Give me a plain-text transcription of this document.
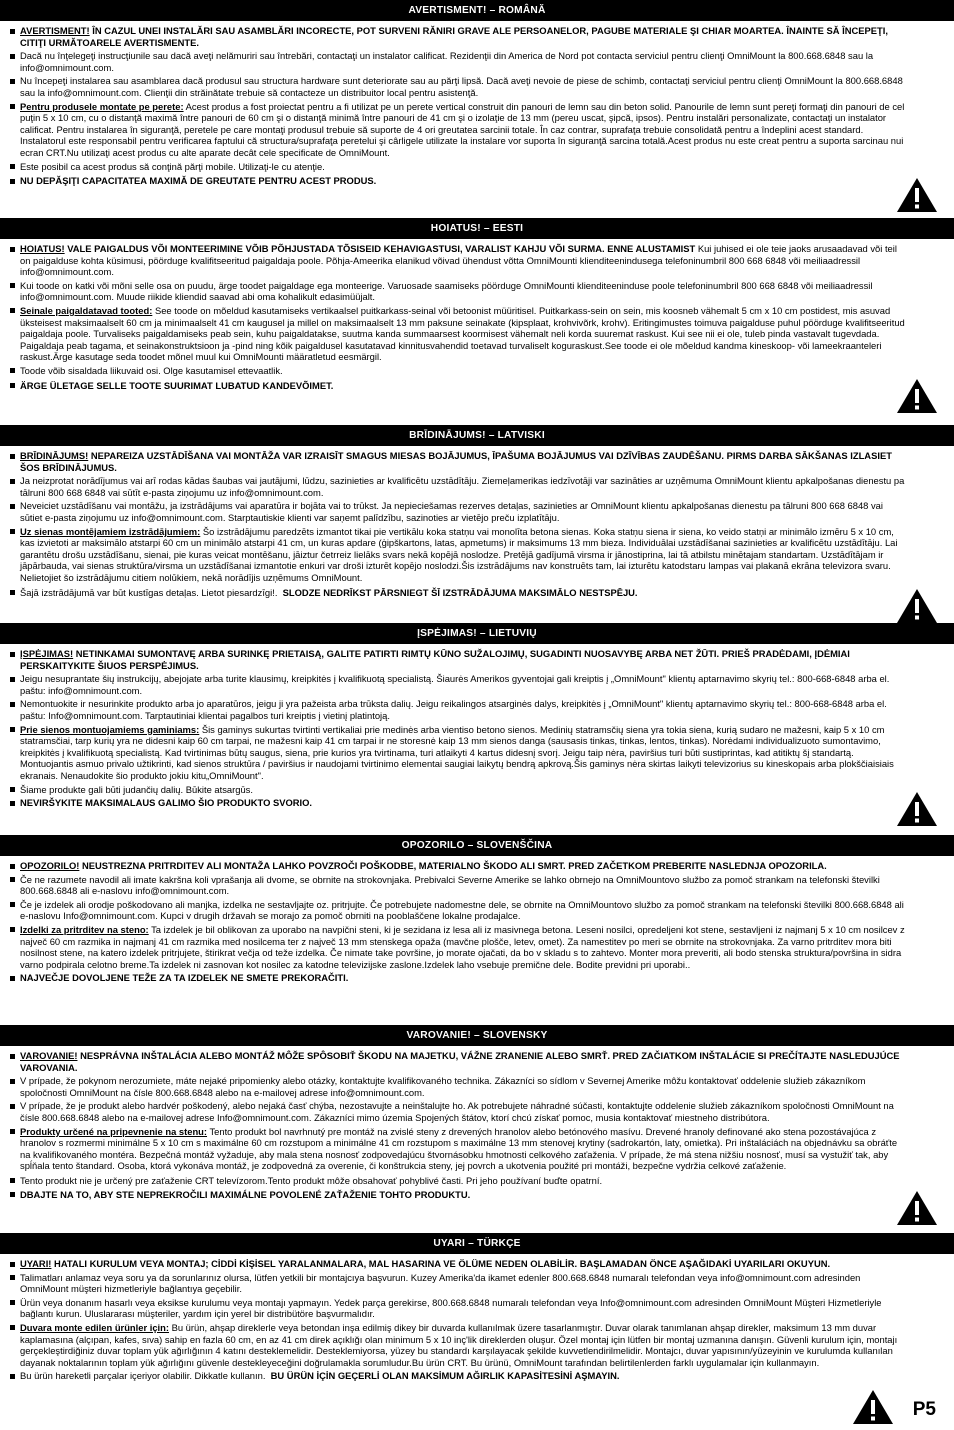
AVERTISMENT! – ROMÂNĂ
AVERTISMENT! ÎN CAZUL UNEI INSTALĂRI SAU ASAMBLĂRI INCORECTE, POT SURVENI RĂNIRI GRAVE ALE PERSOANELOR, PAGUBE MATERIALE ŞI CHIAR MOARTEA. ÎNAINTE SĂ ÎNCEPEŢI, CITIŢI URMĂTOARELE AVERTISMENTE.
Dacă nu înţelegeţi instrucţiunile sau dacă aveţi nelămuriri sau întrebări, contactaţi un instalator calificat. Rezidenţii din America de Nord pot contacta serviciul pentru clienţi OmniMount la 800.668.6848 sau la info@omnimount.com.
Nu începeţi instalarea sau asamblarea dacă produsul sau structura hardware sunt deteriorate sau au părţi lipsă. Dacă aveţi nevoie de piese de schimb, contactaţi serviciul pentru clienţi OmniMount la 800.668.6848 sau la info@omnimount.com. Clienţii din străinătate trebuie să contacteze un distribuitor local pentru asistenţă.
Pentru produsele montate pe perete: Acest produs a fost proiectat pentru a fi utilizat pe un perete vertical construit din panouri de lemn sau din beton solid. Panourile de lemn sunt pereţi formaţi din panouri de cel puţin 5 x 10 cm, cu o distanţă maximă între panouri de 60 cm şi o distanţă minimă între panouri de 41 cm şi o izolaţie de 13 mm (pereu uscat, şipcă, ipsos). Pentru instalări personalizate, contactaţi un instalator calificat. Pentru instalarea în siguranţă, peretele pe care montaţi produsul trebuie să suporte de 4 ori greutatea sarcinii totale. În caz contrar, suprafaţa trebuie consolidată pentru a îndeplini acest standard. Instalatorul este responsabil pentru verificarea faptului că structura/suprafaţa peretelui şi cârligele utilizate la instalare vor suporta în siguranţă sarcina totală.Acest produs nu este creat pentru a suporta sarcinau nui ecran CRT.Nu utilizaţi acest produs cu alte aparate decât cele specificate de OmniMount.
Este posibil ca acest produs să conţină părţi mobile. Utilizaţi-le cu atenţie.
NU DEPĂŞIŢI CAPACITATEA MAXIMĂ DE GREUTATE PENTRU ACEST PRODUS.
HOIATUS! – EESTI
HOIATUS! VALE PAIGALDUS VÕI MONTEERIMINE VÕIB PÕHJUSTADA TÕSISEID KEHAVIGASTUSI, VARALIST KAHJU VÕI SURMA. ENNE ALUSTAMIST Kui juhised ei ole teie jaoks arusaadavad või teil on paigalduse kohta küsimusi, pöörduge kvalifitseeritud paigaldaja poole. Põhja-Ameerika elanikud võivad ühendust võtta OmniMounti klienditeenindusega telefoninumbril 800 668 6848 või meiliaadressil info@omnimount.com.
Kui toode on katki või mõni selle osa on puudu, ärge toodet paigaldage ega monteerige. Varuosade saamiseks pöörduge OmniMounti klienditeeninduse poole telefoninumbril 800 668 6848 või meiliaadressil info@omnimount.com. Muude riikide kliendid saavad abi oma kohalikult edasimüüjalt.
Seinale paigaldatavad tooted: See toode on mõeldud kasutamiseks vertikaalsel puitkarkass-seinal või betoonist müüritisel. Puitkarkass-sein on sein, mis koosneb vähemalt 5 cm x 10 cm postidest, mis asuvad üksteisest maksimaalselt 60 cm ja minimaalselt 41 cm kaugusel ja millel on maksimaalselt 13 mm paksune seinakate (kipsplaat, krohvivõrk, krohv). Eritingimustes toimuva paigalduse puhul pöörduge kvalifitseeritud paigaldaja poole. Turvaliseks paigaldamiseks peab sein, kuhu paigaldatakse, suutma kanda summaarsest koormisest vähemalt neli korda suuremat raskust. Kui see nii ei ole, tuleb pinda vastavalt tugevdada. Paigaldaja peab tagama, et seinakonstruktsioon ja -pind ning kõik paigaldusel kasutatavad kinnitusvahendid toetavad turvaliselt koguraskust.See toode ei ole mõeldud kandma kineskoop- või lameekraanteleri raskust.Ärge kasutage seda toodet mõnel muul kui OmniMounti määratletud eesmärgil.
Toode võib sisaldada liikuvaid osi. Olge kasutamisel ettevaatlik.
ÄRGE ÜLETAGE SELLE TOOTE SUURIMAT LUBATUD KANDEVÕIMET.
BRĪDINĀJUMS! – LATVISKI
BRĪDINĀJUMS! NEPAREIZA UZSTĀDĪŠANA VAI MONTĀŽA VAR IZRAISĪT SMAGUS MIESAS BOJĀJUMUS, ĪPAŠUMA BOJĀJUMUS VAI DZĪVĪBAS ZAUDĒŠANU. PIRMS DARBA SĀKŠANAS IZLASIET ŠOS BRĪDINĀJUMUS.
Ja neizprotat norādījumus vai arī rodas kādas šaubas vai jautājumi, lūdzu, sazinieties ar kvalificētu uzstādītāju. Ziemeļamerikas iedzīvotāji var sazināties ar uzņēmuma OmniMount klientu apkalpošanas dienestu pa tālruni 800 668 6848 vai sūtīt e-pasta ziņojumu uz info@omnimount.com.
Neveiciet uzstādīšanu vai montāžu, ja izstrādājums vai aparatūra ir bojāta vai to trūkst. Ja nepieciešamas rezerves detaļas, sazinieties ar OmniMount klientu apkalpošanas dienestu pa tālruni 800 668 6848 vai sūtiet e-pasta ziņojumu uz info@omnimount.com. Starptautiskie klienti var saņemt palīdzību, sazinoties ar vietējo preču izplatītāju.
Uz sienas montējamiem izstrādājumiem: Šo izstrādājumu paredzēts izmantot tikai pie vertikālu koka statņu vai monolīta betona sienas. Koka statņu siena ir siena, ko veido statņi ar minimālo izmēru 5 x 10 cm, kas izvietoti ar maksimālo atstarpi 60 cm un minimālo atstarpi 41 cm, un kuras apdare (ģipškartons, latas, apmetums) ir maksimums 13 mm bieza. Individuālai uzstādīšanai sazinieties ar kvalificētu uzstādītāju. Lai garantētu drošu uzstādīšanu, sienai, pie kuras veicat montēšanu, jāiztur četrreiz lielāks svars nekā kopējā noslodze. Pretējā gadījumā virsma ir jānostiprina, lai tā atbilstu minētajam standartam. Uzstādītājam ir jāpārbauda, vai sienas struktūra/virsma un uzstādīšanai izmantotie enkuri var droši izturēt kopējo noslodzi.Šis izstrādājums nav konstruēts tam, lai izturētu katodstaru lampas vai plakanā ekrāna televizora svaru. Nelietojiet šo izstrādājumu citiem nolūkiem, nekā norādījis uzņēmums OmniMount.
Šajā izstrādājumā var būt kustīgas detaļas. Lietot piesardzīgi!. SLODZE NEDRĪKST PĀRSNIEGT ŠĪ IZSTRĀDĀJUMA MAKSIMĀLO NESTSPĒJU.
ĮSPĖJIMAS! – LIETUVIŲ
ĮSPĖJIMAS! NETINKAMAI SUMONTAVĘ ARBA SURINKĘ PRIETAISĄ, GALITE PATIRTI RIMTŲ KŪNO SUŽALOJIMŲ, SUGADINTI NUOSAVYBĘ ARBA NET ŽŪTI. PRIEŠ PRADĖDAMI, ĮDĖMIAI PERSKAITYKITE ŠIUOS PERSPĖJIMUS.
Jeigu nesuprantate šių instrukcijų, abejojate arba turite klausimų, kreipkitės į kvalifikuotą specialistą. Šiaurės Amerikos gyventojai gali kreiptis į „OmniMount" klientų aptarnavimo skyrių tel.: 800-668-6848 arba el. paštu: info@omnimount.com.
Nemontuokite ir nesurinkite produkto arba jo aparatūros, jeigu ji yra pažeista arba trūksta dalių. Jeigu reikalingos atsarginės dalys, kreipkitės į „OmniMount" klientų aptarnavimo skyrių tel.: 800-668-6848 arba el. paštu: Info@omnimount.com. Tarptautiniai klientai pagalbos turi kreiptis į vietinį platintoją.
Prie sienos montuojamiems gaminiams: Šis gaminys sukurtas tvirtinti vertikaliai prie medinės arba vientiso betono sienos. Medinių statramsčių siena yra tokia siena, kurią sudaro ne mažesni, kaip 5 x 10 cm statramsčiai, tarp kurių yra ne didesni kaip 60 cm tarpai, ne mažesni kaip 41 cm tarpai ir ne storesnė kaip 13 mm sienos danga (sausasis tinkas, tinkas, lentos, tinkas). Norėdami individualizuoto sumontavimo, kreipkitės į kvalifikuotą specialistą. Kad tvirtinimas būtų saugus, siena, prie kurios yra tvirtinama, turi atlaikyti 4 kartus didesnį svorį. Jeigu taip nėra, paviršius turi būti sustiprintas, kad atitiktų šį standartą. Montuojantis asmuo privalo užtikrinti, kad sienos struktūra / paviršius ir naudojami tvirtinimo elementai saugiai laikytų bendrą apkrovą.Šis gaminys nėra skirtas laikyti televizorius su kineskopais arba plokščiaisiais ekranais. Nenaudokite šio produkto jokiu kitu„OmniMount".
Šiame produkte gali būti judančių dalių. Būkite atsargūs.
NEVIRŠYKITE MAKSIMALAUS GALIMO ŠIO PRODUKTO SVORIO.
OPOZORILO – SLOVENŠČINA
OPOZORILO! NEUSTREZNA PRITRDITEV ALI MONTAŽA LAHKO POVZROČI POŠKODBE, MATERIALNO ŠKODO ALI SMRT. PRED ZAČETKOM PREBERITE NASLEDNJA OPOZORILA.
Če ne razumete navodil ali imate kakršna koli vprašanja ali dvome, se obrnite na strokovnjaka. Prebivalci Severne Amerike se lahko obrnejo na OmniMountovo službo za pomoč strankam na telefonski številki 800.668.6848 ali e-naslovu info@omnimount.com.
Če je izdelek ali orodje poškodovano ali manjka, izdelka ne sestavljajte oz. pritrjujte. Če potrebujete nadomestne dele, se obrnite na OmniMountovo službo za pomoč strankam na telefonski številki 800.668.6848 ali e-naslovu Info@omnimount.com. Kupci v drugih državah se morajo za pomoč obrniti na pooblaščene lokalne prodajalce.
Izdelki za pritrditev na steno: Ta izdelek je bil oblikovan za uporabo na navpični steni, ki je sezidana iz lesa ali iz masivnega betona. Leseni nosilci, opredeljeni kot stene, sestavljeni iz najmanj 5 x 10 cm nosilcev z največ 60 cm razmika in najmanj 41 cm razmika med nosilcema ter z največ 13 mm stenskega opaža (mavčne plošče, letev, omet). Za namestitev po meri se obrnite na strokovnjaka. Za varno pritrditev mora biti nosilnost stene, na katero izdelek pritrjujete, štirikrat večja od teže izdelka. Če nimate take površine, jo morate ojačati, da bo v skladu s to zahtevo. Monter mora preveriti, ali bodo stenska struktura/površina in sidra varno podpirala celotno breme.Ta izdelek ni zasnovan kot nosilec za katodne televizijske zaslone.Izdelek laho vsebuje premične dele. Bodite previdni pri uporabi..
NAJVEČJE DOVOLJENE TEŽE ZA TA IZDELEK NE SMETE PREKORAČITI.
VAROVANIE! – SLOVENSKY
VAROVANIE! NESPRÁVNA INŠTALÁCIA ALEBO MONTÁŽ MÔŽE SPÔSOBIŤ ŠKODU NA MAJETKU, VÁŽNE ZRANENIE ALEBO SMRŤ. PRED ZAČIATKOM INŠTALÁCIE SI PREČÍTAJTE NASLEDUJÚCE VAROVANIA.
V prípade, že pokynom nerozumiete, máte nejaké pripomienky alebo otázky, kontaktujte kvalifikovaného technika. Zákazníci so sídlom v Severnej Amerike môžu kontaktovať oddelenie služieb zákazníkom spoločnosti OmniMount na čísle 800.668.6848 alebo na e-mailovej adrese info@omnimount.com.
V prípade, že je produkt alebo hardvér poškodený, alebo nejaká časť chýba, nezostavujte a neinštalujte ho. Ak potrebujete náhradné súčasti, kontaktujte oddelenie služieb zákazníkom spoločnosti OmniMount na čísle 800.668.6848 alebo na e-mailovej adrese Info@omnimount.com. Zákazníci mimo územia Spojených štátov, ktorí chcú získať pomoc, musia kontaktovať miestneho distribútora.
Produkty určené na pripevnenie na stenu: Tento produkt bol navrhnutý pre montáž na zvislé steny z drevených hranolov alebo betónového masívu. Drevené hranoly definované ako stena pozostávajúca z hranolov s rozmermi minimálne 5 x 10 cm s maximálne 60 cm rozstupom a minimálne 41 cm rozstupom s maximálne 13 mm stenovej krytiny (sadrokartón, laty, omietka). Pri inštaláciách na objednávku sa obráťte na kvalifikovaného montéra. Bezpečná montáž vyžaduje, aby mala stena nosnosť zodpovedajúcu štvornásobku hmotnosti celkového zaťaženia. V prípade, že má stena nižšiu nosnosť, musí sa vystužiť tak, aby spĺňala tento štandard. Osoba, ktorá vykonáva montáž, je zodpovedná za overenie, či konštrukcia steny, jej povrch a ukotvenia použité pri montáži, bezpečne vydržia celkové zaťaženie.
Tento produkt nie je určený pre zaťaženie CRT televízorom.Tento produkt môže obsahovať pohyblivé časti. Pri jeho používaní buďte opatrní.
DBAJTE NA TO, ABY STE NEPREKROČILI MAXIMÁLNE POVOLENÉ ZAŤAŽENIE TOHTO PRODUKTU.
UYARI – TÜRKÇE
UYARI! HATALI KURULUM VEYA MONTAJ; CİDDİ KİŞİSEL YARALANMALARA, MAL HASARINA VE ÖLÜME NEDEN OLABİLİR. BAŞLAMADAN ÖNCE AŞAĞIDAKİ UYARILARI OKUYUN.
Talimatları anlamaz veya soru ya da sorunlarınız olursa, lütfen yetkili bir montajcıya başvurun. Kuzey Amerika'da ikamet edenler 800.668.6848 numaralı telefondan veya info@omnimount.com adresinden OmniMount müşteri hizmetleriyle bağlantıya geçebilir.
Ürün veya donanım hasarlı veya eksikse kurulumu veya montajı yapmayın. Yedek parça gerekirse, 800.668.6848 numaralı telefondan veya Info@omnimount.com adresinden OmniMount Müşteri Hizmetleriyle bağlantı kurun. Uluslararası müşteriler, yardım için yerel bir distribütöre başvurmalıdır.
Duvara monte edilen ürünler için: Bu ürün, ahşap direklerle veya betondan inşa edilmiş dikey bir duvarda kullanılmak üzere tasarlanmıştır. Duvar olarak tanımlanan ahşap direkler, maksimum 13 mm duvar kaplamasına (alçıpan, kafes, sıva) sahip en fazla 60 cm, en az 41 cm direk açıklığı olan minimum 5 x 10 inç'lik direklerden oluşur. Özel montaj için lütfen bir montaj uzmanına danışın. Güvenli kurulum için, montajı gerçekleştirdiğiniz duvar toplam yük ağırlığının 4 katını desteklemelidir. Desteklemiyorsa, yüzey bu standardı karşılayacak şekilde kuvvetlendirilmelidir. Montajcı, duvar yapısının/yüzeyinin ve kurulumda kullanılan dayanak noktalarının toplam yük ağırlığını güvenle destekleyeceğini doğrulamakla sorumludur.Bu ürün CRT. Bu ürünü, OmniMount tarafından belirtilenlerden farklı uygulamalar için kullanmayın.
Bu ürün hareketli parçalar içeriyor olabilir. Dikkatle kullanın. BU ÜRÜN İÇİN GEÇERLİ OLAN MAKSİMUM AĞIRLIK KAPASİTESİNİ AŞMAYIN.
P5
